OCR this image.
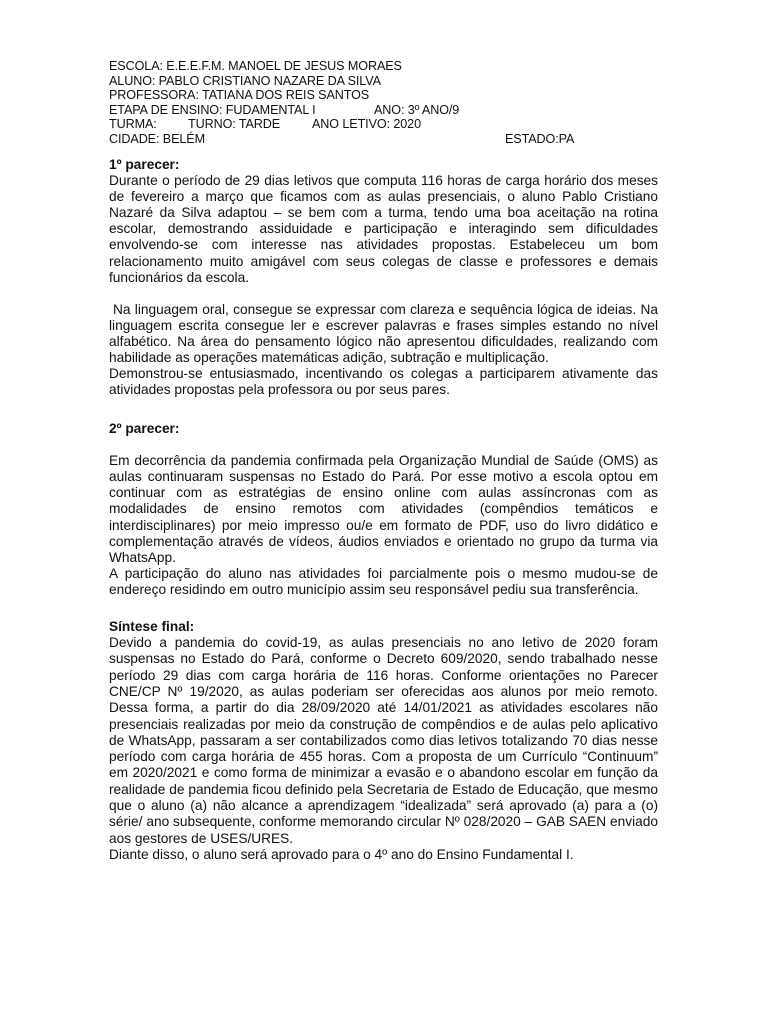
ESCOLA: E.E.E.F.M. MANOEL DE JESUS MORAES
ALUNO: PABLO CRISTIANO NAZARE DA SILVA
PROFESSORA: TATIANA DOS REIS SANTOS
ETAPA DE ENSINO: FUDAMENTAL I	ANO: 3º ANO/9
TURMA: TURNO: TARDE	ANO LETIVO: 2020
CIDADE: BELÉM	ESTADO:PA
1º parecer:

Durante o período de 29 dias letivos que computa 116 horas de carga horário dos meses de fevereiro a março que ficamos com as aulas presenciais, o aluno Pablo Cristiano Nazaré da Silva adaptou – se bem com a turma, tendo uma boa aceitação na rotina escolar, demostrando assiduidade e participação e interagindo sem dificuldades envolvendo-se com interesse nas atividades propostas. Estabeleceu um bom relacionamento muito amigável com seus colegas de classe e professores e demais funcionários da escola.

Na linguagem oral, consegue se expressar com clareza e sequência lógica de ideias. Na linguagem escrita consegue ler e escrever palavras e frases simples estando no nível alfabético. Na área do pensamento lógico não apresentou dificuldades, realizando com habilidade as operações matemáticas adição, subtração e multiplicação.

Demonstrou-se entusiasmado, incentivando os colegas a participarem ativamente das atividades propostas pela professora ou por seus pares.

2º parecer:

Em decorrência da pandemia confirmada pela Organização Mundial de Saúde (OMS) as aulas continuaram suspensas no Estado do Pará. Por esse motivo a escola optou em continuar com as estratégias de ensino online com aulas assíncronas com as modalidades de ensino remotos com atividades (compêndios temáticos e interdisciplinares) por meio impresso ou/e em formato de PDF, uso do livro didático e complementação através de vídeos, áudios enviados e orientado no grupo da turma via WhatsApp.

A participação do aluno nas atividades foi parcialmente pois o mesmo mudou-se de endereço residindo em outro município assim seu responsável pediu sua transferência.

Síntese final:

Devido a pandemia do covid-19, as aulas presenciais no ano letivo de 2020 foram suspensas no Estado do Pará, conforme o Decreto 609/2020, sendo trabalhado nesse período 29 dias com carga horária de 116 horas. Conforme orientações no Parecer CNE/CP Nº 19/2020, as aulas poderiam ser oferecidas aos alunos por meio remoto. Dessa forma, a partir do dia 28/09/2020 até 14/01/2021 as atividades escolares não presenciais realizadas por meio da construção de compêndios e de aulas pelo aplicativo de WhatsApp, passaram a ser contabilizados como dias letivos totalizando 70 dias nesse período com carga horária de 455 horas. Com a proposta de um Currículo “Continuum” em 2020/2021 e como forma de minimizar a evasão e o abandono escolar em função da realidade de pandemia ficou definido pela Secretaria de Estado de Educação, que mesmo que o aluno (a) não alcance a aprendizagem “idealizada” será aprovado (a) para a (o) série/ ano subsequente, conforme memorando circular Nº 028/2020 – GAB SAEN enviado aos gestores de USES/URES.

Diante disso, o aluno será aprovado para o 4º ano do Ensino Fundamental I.
